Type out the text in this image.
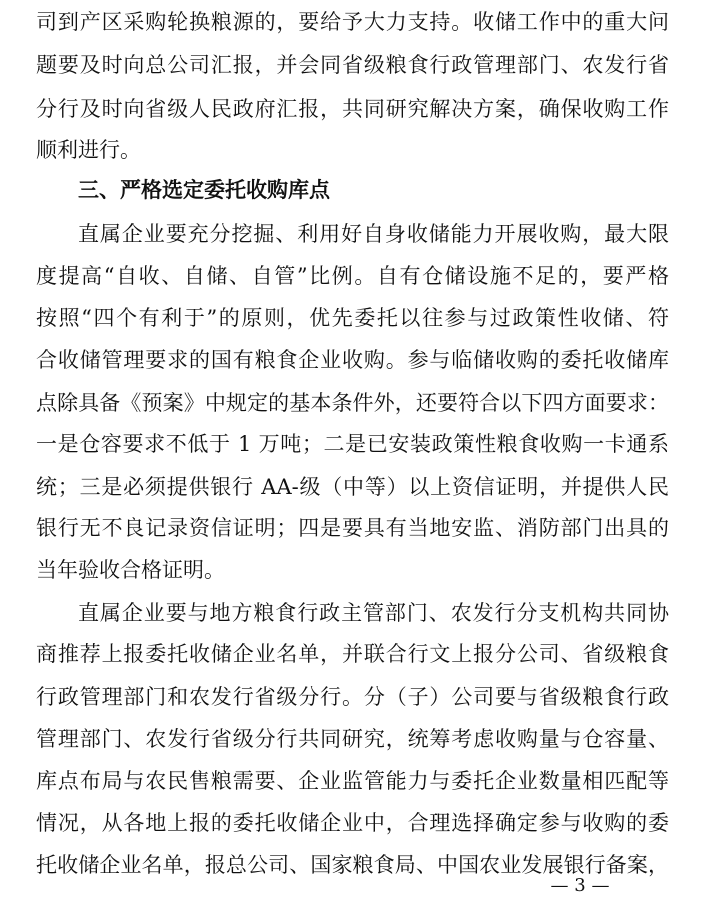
司到产区采购轮换粮源的，要给予大力支持。收储工作中的重大问
题要及时向总公司汇报，并会同省级粮食行政管理部门、农发行省
分行及时向省级人民政府汇报，共同研究解决方案，确保收购工作
顺利进行。
三、严格选定委托收购库点
直属企业要充分挖掘、利用好自身收储能力开展收购，最大限
度提高“自收、自储、自管”比例。自有仓储设施不足的，要严格
按照“四个有利于”的原则，优先委托以往参与过政策性收储、符
合收储管理要求的国有粮食企业收购。参与临储收购的委托收储库
点除具备《预案》中规定的基本条件外，还要符合以下四方面要求：
一是仓容要求不低于 1 万吨；二是已安装政策性粮食收购一卡通系
统；三是必须提供银行 AA-级（中等）以上资信证明，并提供人民
银行无不良记录资信证明；四是要具有当地安监、消防部门出具的
当年验收合格证明。
直属企业要与地方粮食行政主管部门、农发行分支机构共同协
商推荐上报委托收储企业名单，并联合行文上报分公司、省级粮食
行政管理部门和农发行省级分行。分（子）公司要与省级粮食行政
管理部门、农发行省级分行共同研究，统筹考虑收购量与仓容量、
库点布局与农民售粮需要、企业监管能力与委托企业数量相匹配等
情况，从各地上报的委托收储企业中，合理选择确定参与收购的委
托收储企业名单，报总公司、国家粮食局、中国农业发展银行备案，
— 3 —
